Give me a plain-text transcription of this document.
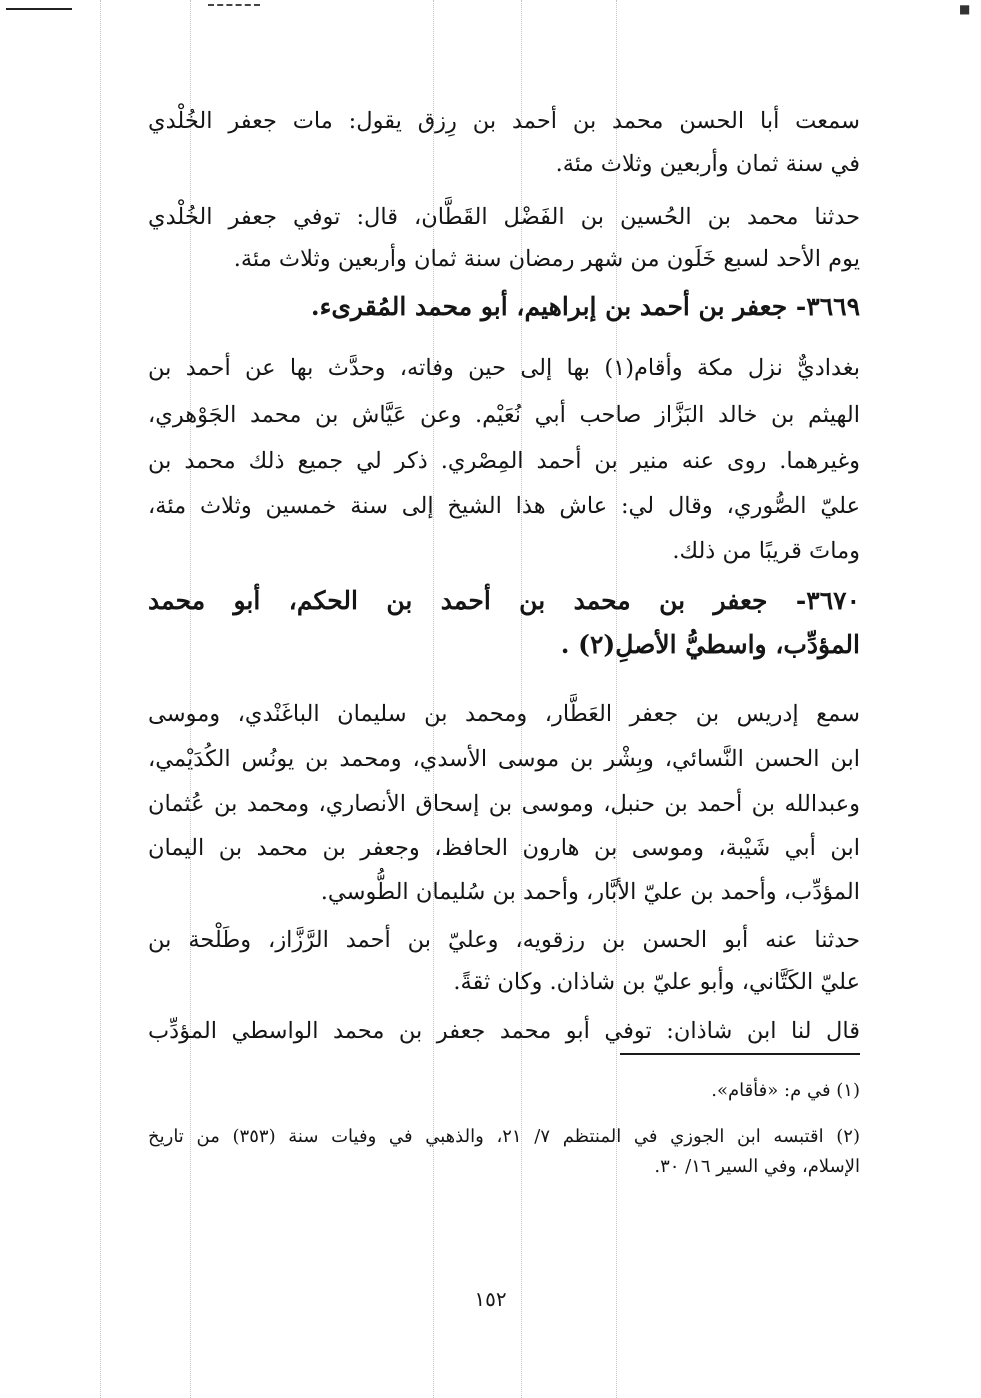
■
سمعت أبا الحسن محمد بن أحمد بن رِزق يقول: مات جعفر الخُلْدي
في سنة ثمان وأربعين وثلاث مئة.
حدثنا محمد بن الحُسين بن الفَضْل القَطَّان، قال: توفي جعفر الخُلْدي
يوم الأحد لسبع خَلَون من شهر رمضان سنة ثمان وأربعين وثلاث مئة.
٣٦٦٩- جعفر بن أحمد بن إبراهيم، أبو محمد المُقرىء.
بغداديٌّ نزل مكة وأقام(١) بها إلى حين وفاته، وحدَّث بها عن أحمد بن
الهيثم بن خالد البَزَّاز صاحب أبي نُعَيْم. وعن عَيَّاش بن محمد الجَوْهري،
وغيرهما. روى عنه منير بن أحمد المِصْري. ذكر لي جميع ذلك محمد بن
عليّ الصُّوري، وقال لي: عاش هذا الشيخ إلى سنة خمسين وثلاث مئة،
وماتَ قريبًا من ذلك.
٣٦٧٠- جعفر بن محمد بن أحمد بن الحكم، أبو محمد
المؤدِّب، واسطيُّ الأصلِ(٢) .
سمع إدريس بن جعفر العَطَّار، ومحمد بن سليمان الباغَنْدي، وموسى
ابن الحسن النَّسائي، وبِشْر بن موسى الأسدي، ومحمد بن يونُس الكُدَيْمي،
وعبدالله بن أحمد بن حنبل، وموسى بن إسحاق الأنصاري، ومحمد بن عُثمان
ابن أبي شَيْبة، وموسى بن هارون الحافظ، وجعفر بن محمد بن اليمان
المؤدِّب، وأحمد بن عليّ الأبَّار، وأحمد بن سُليمان الطُّوسي.
حدثنا عنه أبو الحسن بن رزقويه، وعليّ بن أحمد الرَّزَّاز، وطَلْحة بن
عليّ الكَتَّاني، وأبو عليّ بن شاذان. وكان ثقةً.
قال لنا ابن شاذان: توفي أبو محمد جعفر بن محمد الواسطي المؤدِّب
(١) في م: «فأقام».
(٢) اقتبسه ابن الجوزي في المنتظم ٧/ ٢١، والذهبي في وفيات سنة (٣٥٣) من تاريخ
الإسلام، وفي السير ١٦/ ٣٠.
١٥٢
